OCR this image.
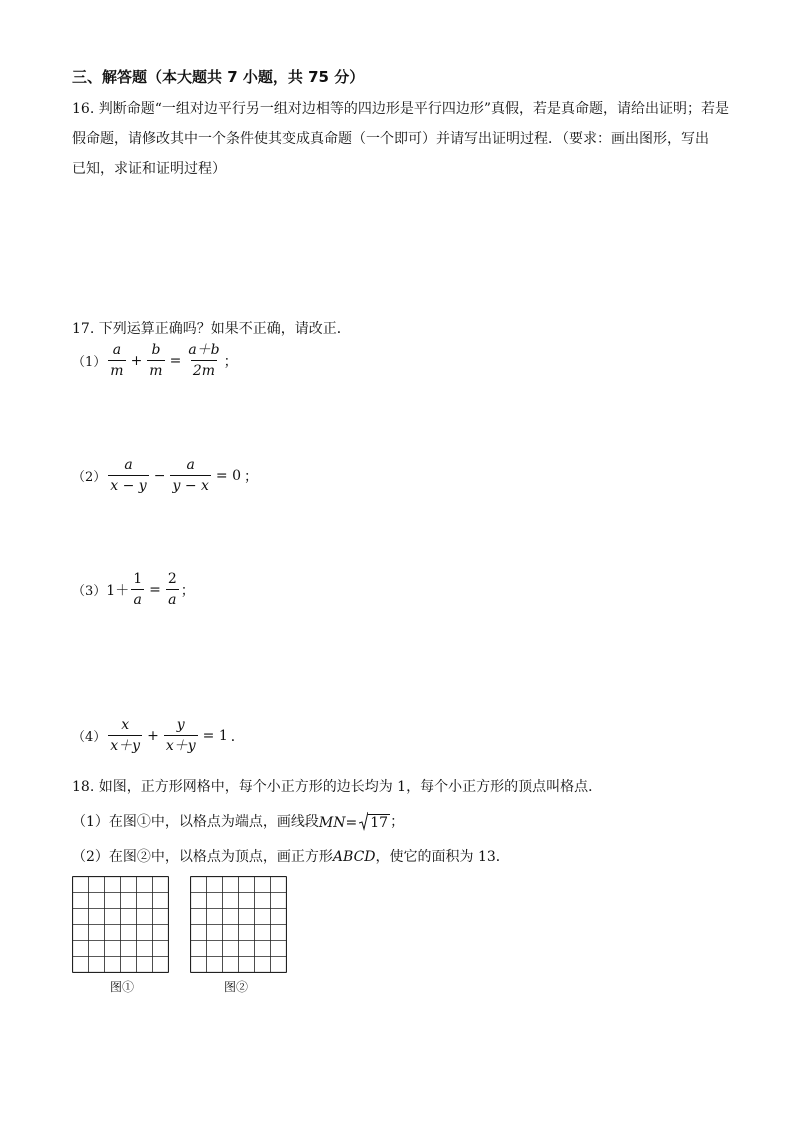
三、解答题（本大题共 7 小题，共 75 分）
16. 判断命题“一组对边平行另一组对边相等的四边形是平行四边形”真假，若是真命题，请给出证明；若是
假命题，请修改其中一个条件使其变成真命题（一个即可）并请写出证明过程．（要求：画出图形，写出
已知，求证和证明过程）
17. 下列运算正确吗？如果不正确，请改正．
$(1) \frac{a}{m} + \frac{b}{m} = \frac{a+b}{2m}$ ；
$(2) \frac{a}{x - y} - \frac{a}{y - x} = 0$ ；
（3） $1+ \frac{1}{a} = \frac{2}{a}$ ；
$(4) \frac{x}{x+y} + \frac{y}{x+y} = 1$ ．
18. 如图，正方形网格中，每个小正方形的边长均为 1，每个小正方形的顶点叫格点．
（1）在图①中，以格点为端点，画线段 MN = 17 ；
（2）在图②中，以格点为顶点，画正方形ABCD，使它的面积为 13．
图①	图②
